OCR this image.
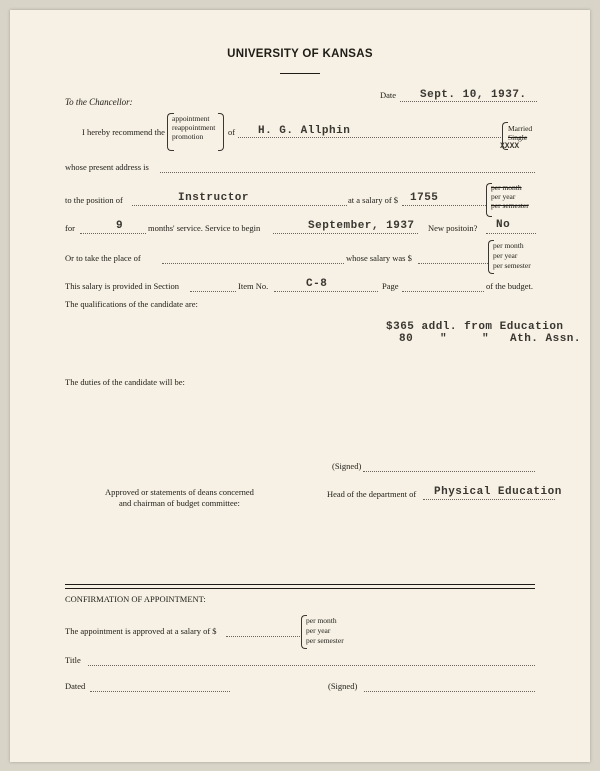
UNIVERSITY OF KANSAS
To the Chancellor:
Date Sept. 10, 1937.
I hereby recommend the
appointment
reappointment
promotion	of H. G. Allphin	Married
Single
XXXX
whose present address is
to the position of	Instructor	at a salary of $ 1755
per month
per year
per semester
for	9	months' service. Service to begin	September, 1937 New positoin? No
Or to take the place of	whose salary was $
per month
per year
per semester
This salary is provided in Section	Item No.	C-8	Page	of the budget.
The qualifications of the candidate are:
$365 addl. from Education
80 "	" Ath. Assn.
The duties of the candidate will be:
(Signed)
Approved or statements of deans concerned
and chairman of budget committee:
Head of the department of Physical Education
CONFIRMATION OF APPOINTMENT:
The appointment is approved at a salary of $
per month
per year
per semester
Title
Dated	(Signed)
